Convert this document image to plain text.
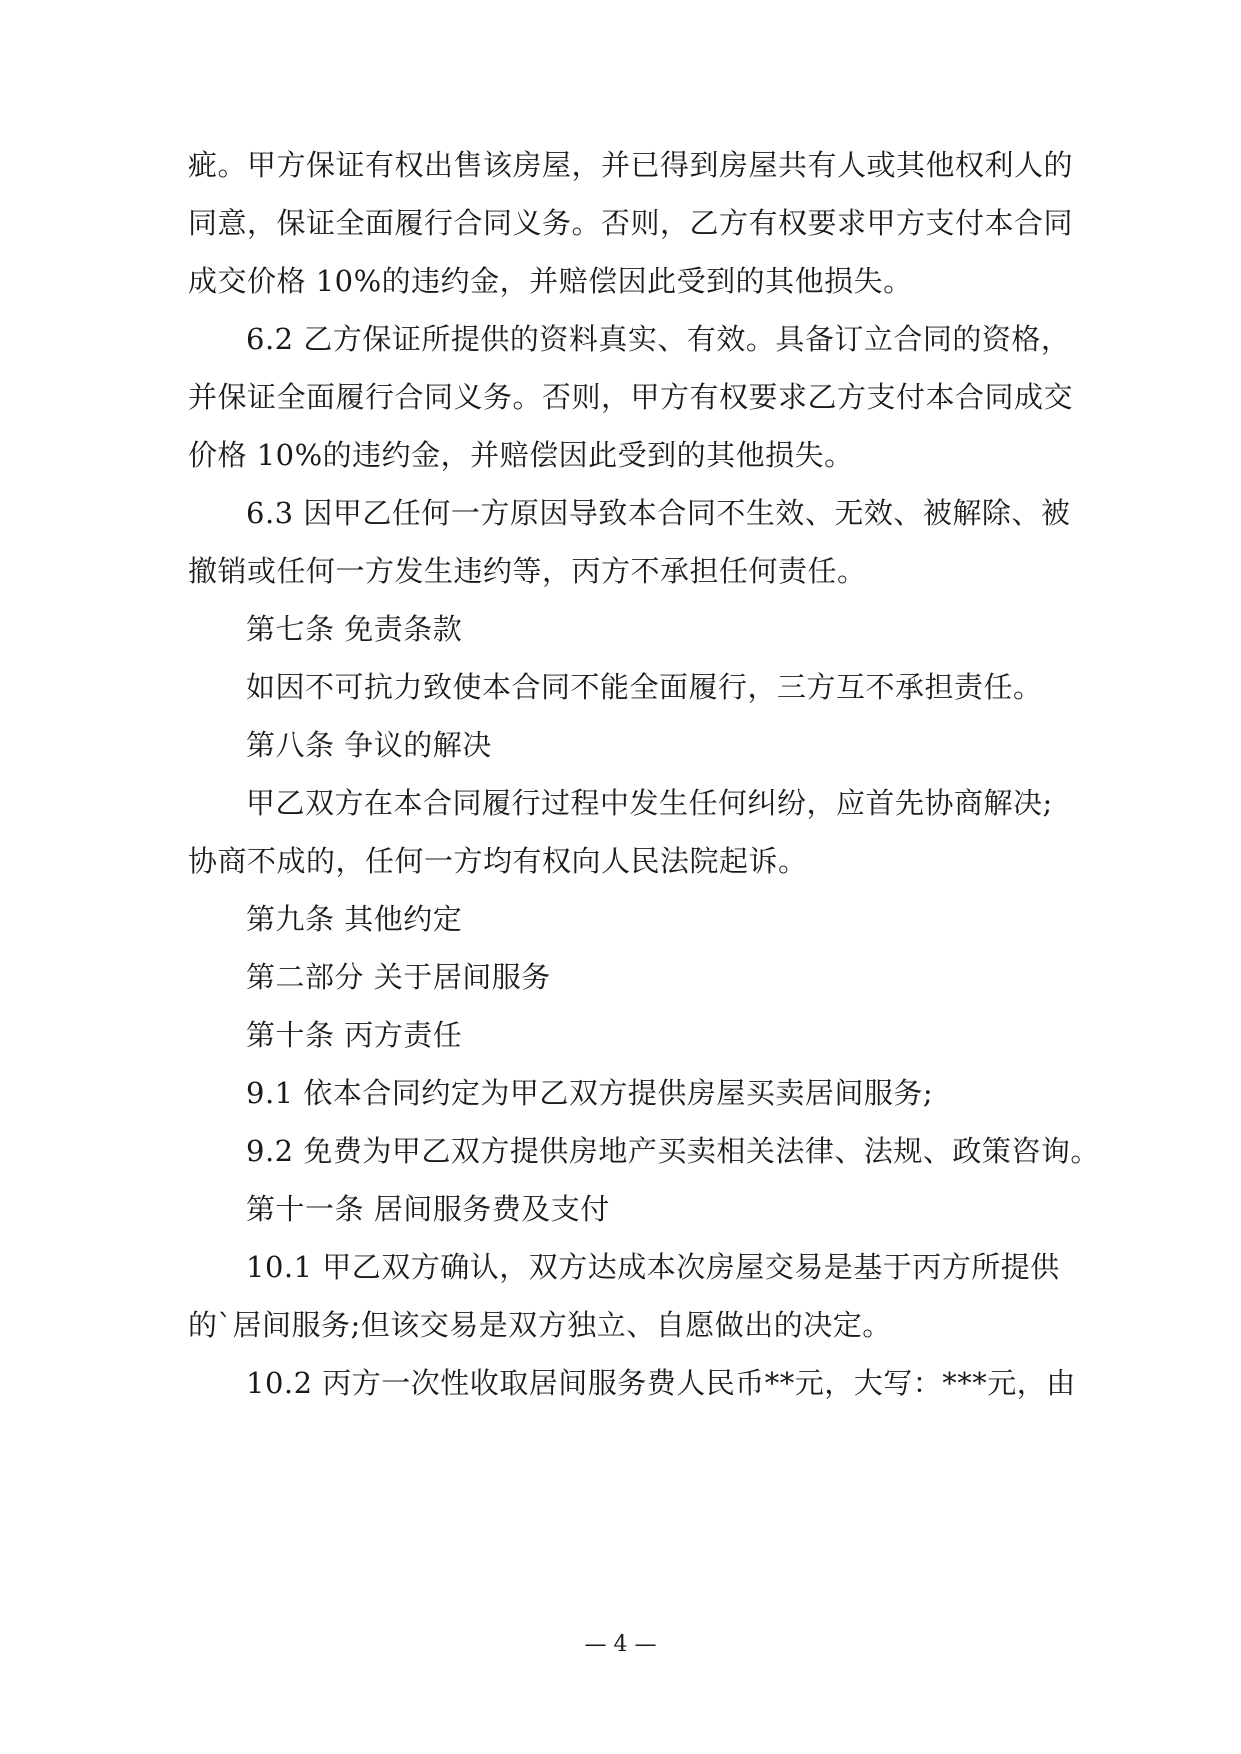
疵。甲方保证有权出售该房屋，并已得到房屋共有人或其他权利人的
同意，保证全面履行合同义务。否则，乙方有权要求甲方支付本合同
成交价格 10%的违约金，并赔偿因此受到的其他损失。
6.2 乙方保证所提供的资料真实、有效。具备订立合同的资格，
并保证全面履行合同义务。否则，甲方有权要求乙方支付本合同成交
价格 10%的违约金，并赔偿因此受到的其他损失。
6.3 因甲乙任何一方原因导致本合同不生效、无效、被解除、被
撤销或任何一方发生违约等，丙方不承担任何责任。
第七条 免责条款
如因不可抗力致使本合同不能全面履行，三方互不承担责任。
第八条 争议的解决
甲乙双方在本合同履行过程中发生任何纠纷，应首先协商解决;
协商不成的，任何一方均有权向人民法院起诉。
第九条 其他约定
第二部分 关于居间服务
第十条 丙方责任
9.1 依本合同约定为甲乙双方提供房屋买卖居间服务;
9.2 免费为甲乙双方提供房地产买卖相关法律、法规、政策咨询。
第十一条 居间服务费及支付
10.1 甲乙双方确认，双方达成本次房屋交易是基于丙方所提供
的`居间服务;但该交易是双方独立、自愿做出的决定。
10.2 丙方一次性收取居间服务费人民币**元，大写：***元，由
— 4 —
